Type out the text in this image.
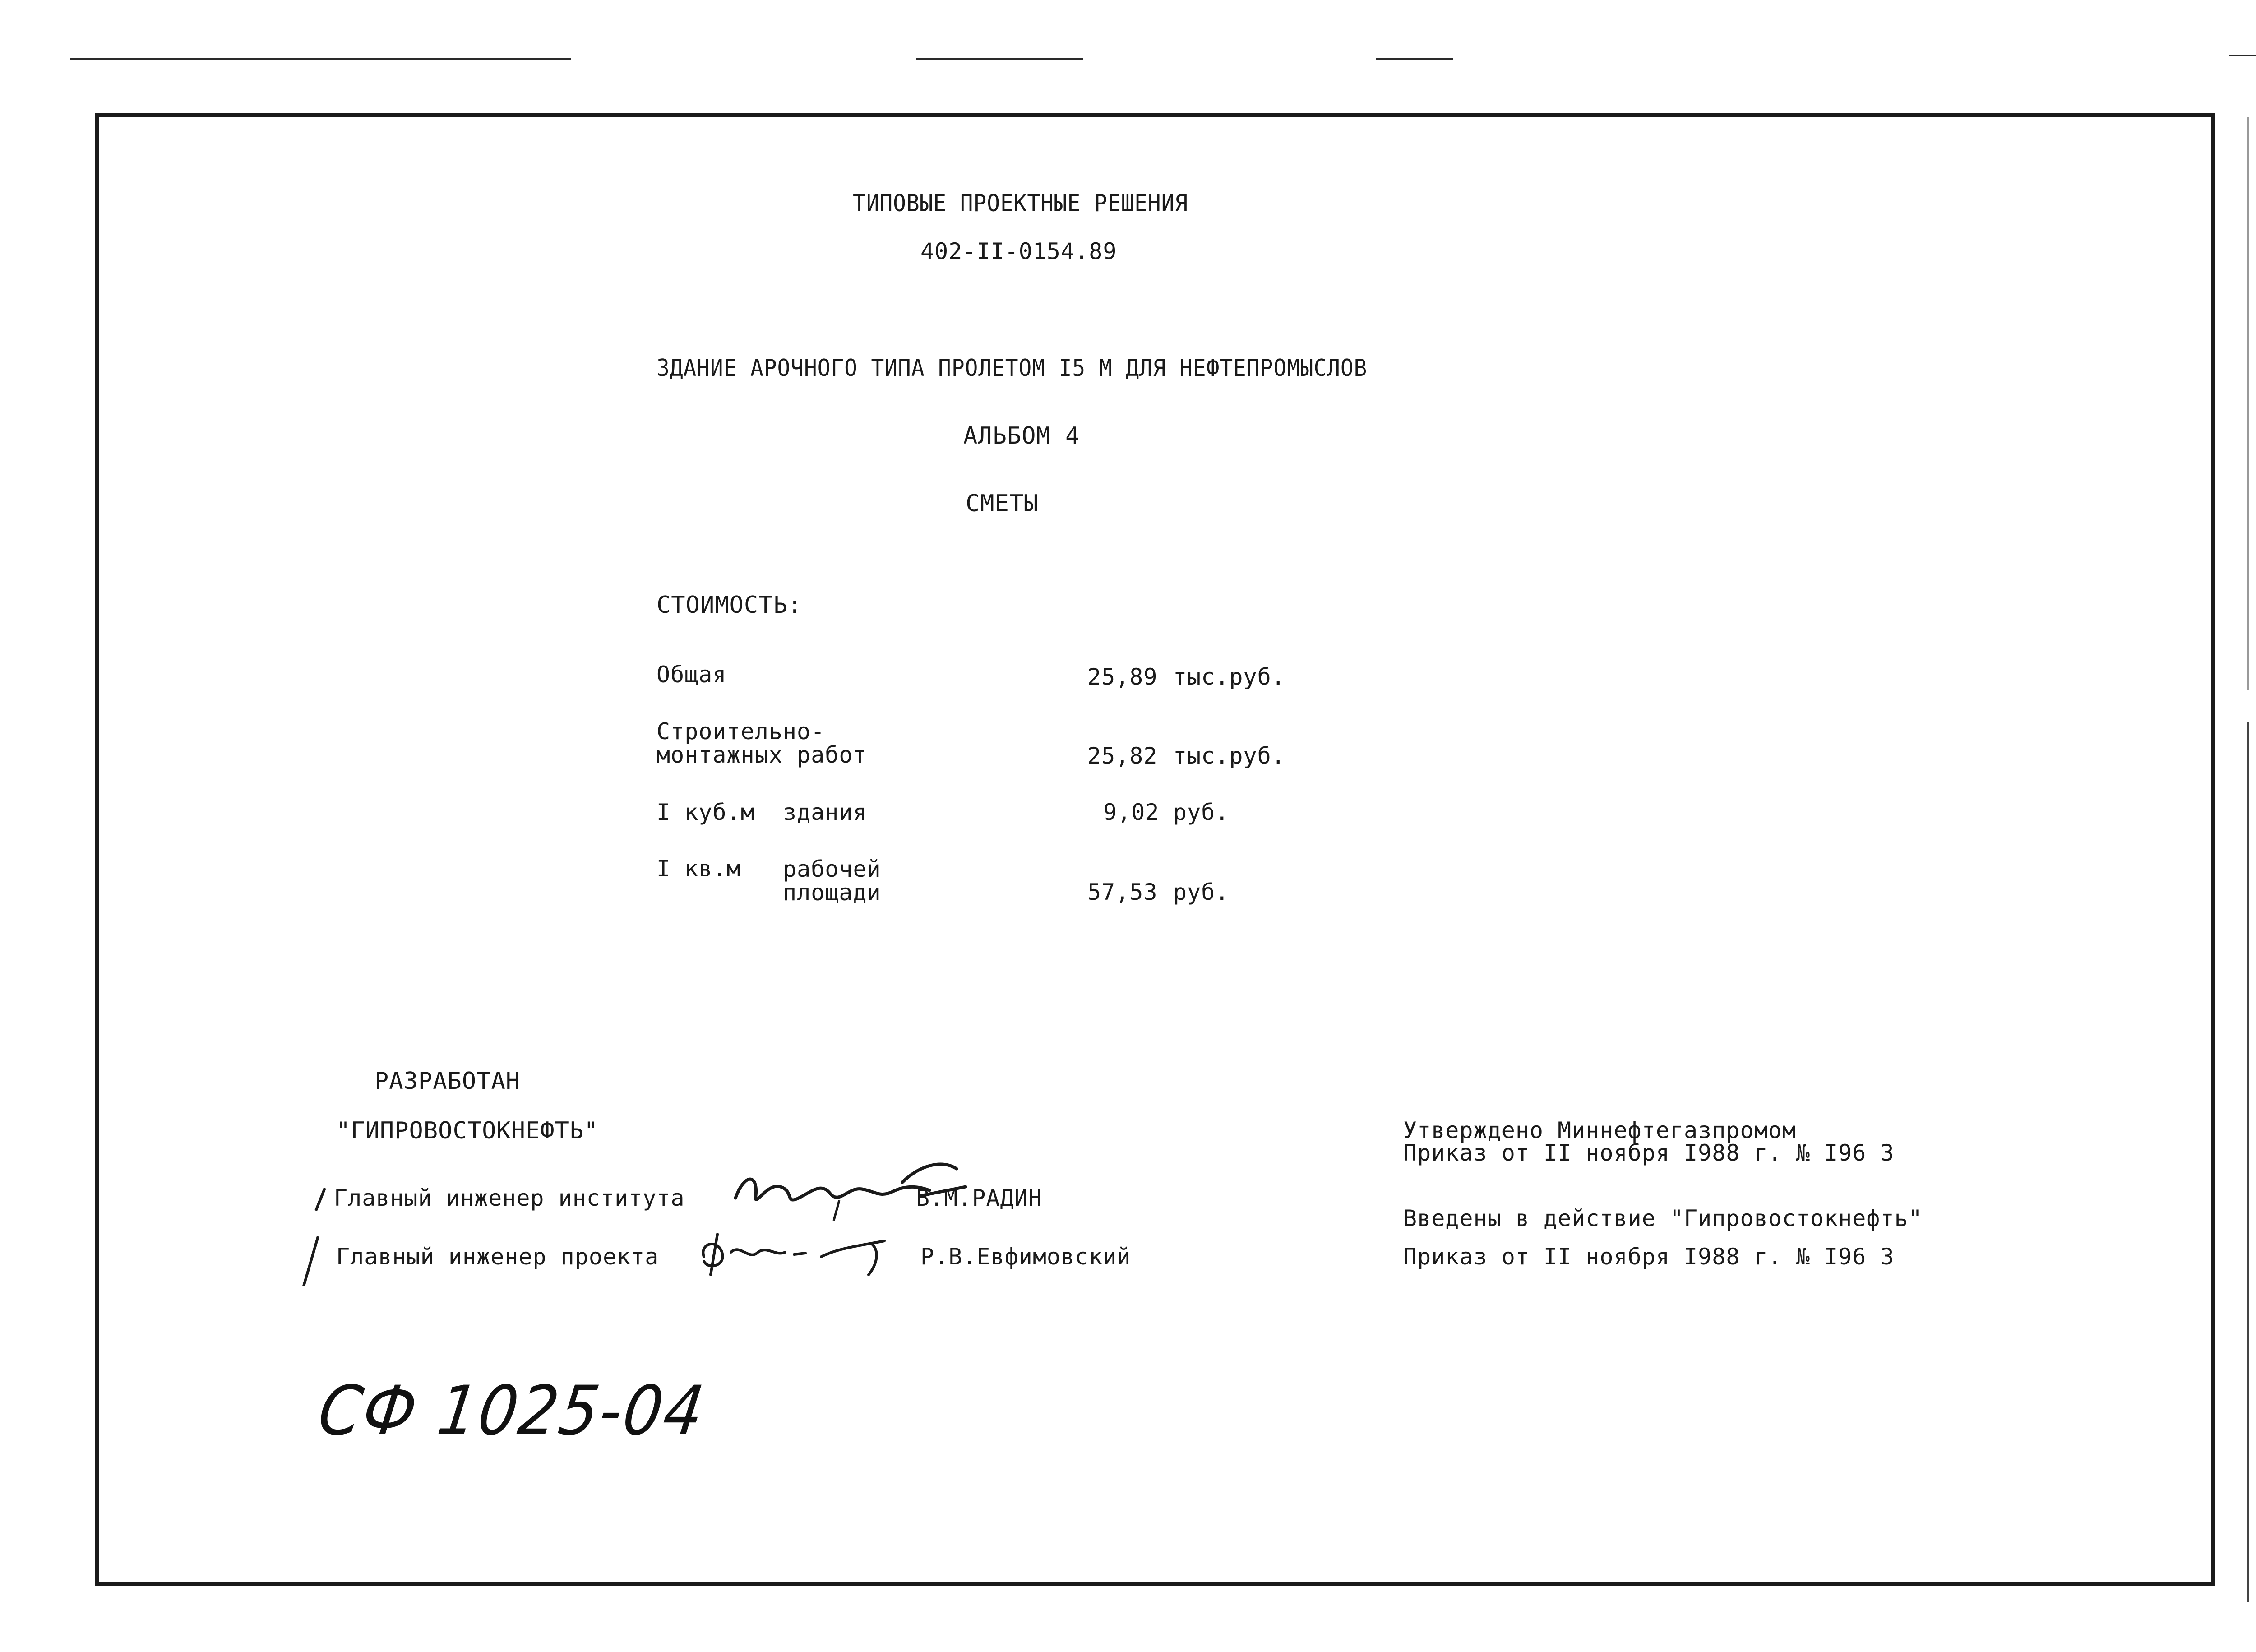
ТИПОВЫЕ ПРОЕКТНЫЕ РЕШЕНИЯ
402-II-0154.89
ЗДАНИЕ АРОЧНОГО ТИПА ПРОЛЕТОМ I5 М ДЛЯ НЕФТЕПРОМЫСЛОВ
АЛЬБОМ 4
СМЕТЫ
СТОИМОСТЬ:
Общая	25,89 тыс.руб.
Строительно-
монтажных работ	25,82 тыс.руб.
I куб.м здания	9,02 руб.
I кв.м рабочей
площади	57,53 руб.
РАЗРАБОТАН
"ГИПРОВОСТОКНЕФТЬ"
Главный инженер института	В.М.РАДИН
Главный инженер проекта	Р.В.Евфимовский
Утверждено Миннефтегазпромом
Приказ от II ноября I988 г. № I96 3
Введены в действие "Гипровостокнефть"
Приказ от II ноября I988 г. № I96 3
СФ 1025-04
